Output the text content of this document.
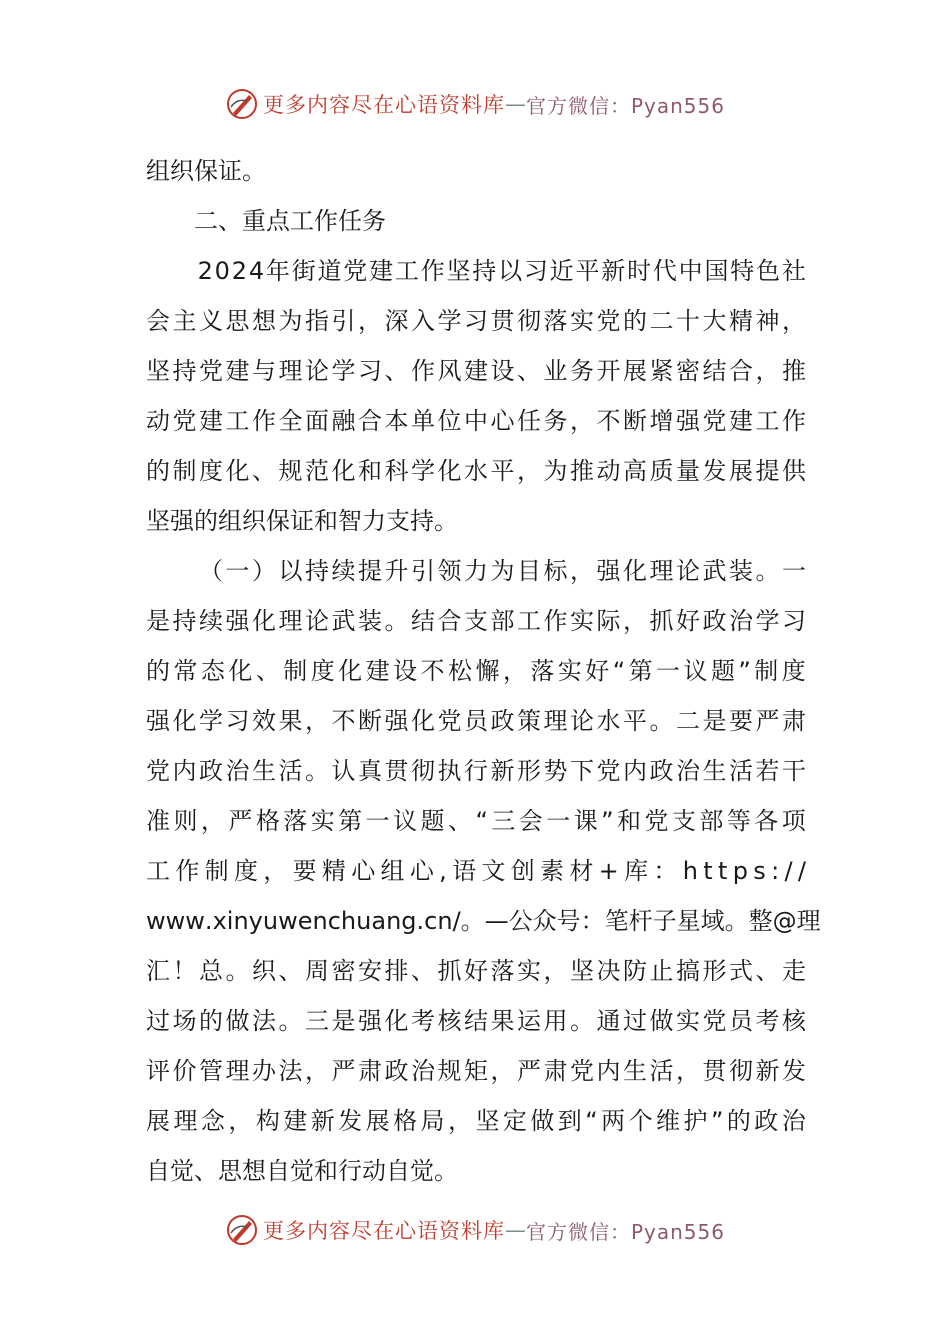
更多内容尽在心语资料库 — 官方微信：Pyan556
组织保证。
　　二、重点工作任务

2 0 2 4 年 街 道 党 建 工 作 坚 持 以 习 近 平 新 时 代 中 国 特 色 社
会 主 义 思 想 为 指 引 ， 深 入 学 习 贯 彻 落 实 党 的 二 十 大 精 神 ，
坚 持 党 建 与 理 论 学 习 、 作 风 建 设 、 业 务 开 展 紧 密 结 合 ， 推
动 党 建 工 作 全 面 融 合 本 单 位 中 心 任 务 ， 不 断 增 强 党 建 工 作
的 制 度 化 、 规 范 化 和 科 学 化 水 平 ， 为 推 动 高 质 量 发 展 提 供
坚强的组织保证和智力支持。

（ 一 ） 以 持 续 提 升 引 领 力 为 目 标 ， 强 化 理 论 武 装 。 一
是 持 续 强 化 理 论 武 装 。 结 合 支 部 工 作 实 际 ， 抓 好 政 治 学 习
的 常 态 化 、 制 度 化 建 设 不 松 懈 ， 落 实 好 “ 第 一 议 题 ” 制 度
强 化 学 习 效 果 ， 不 断 强 化 党 员 政 策 理 论 水 平 。 二 是 要 严 肃
党 内 政 治 生 活 。 认 真 贯 彻 执 行 新 形 势 下 党 内 政 治 生 活 若 干
准 则 ， 严 格 落 实 第 一 议 题 、 “ 三 会 一 课 ” 和 党 支 部 等 各 项
工 作 制 度 ， 要 精 心 组 心 , 语 文 创 素 材 + 库 ： h t t p s : / /
w w w . x i n y u w e n c h u a n g . c n / 。 — 公 众 号 ： 笔 杆 子 星 域 。 整 @ 理
汇 ！ 总 。 织 、 周 密 安 排 、 抓 好 落 实 ， 坚 决 防 止 搞 形 式 、 走
过 场 的 做 法 。 三 是 强 化 考 核 结 果 运 用 。 通 过 做 实 党 员 考 核
评 价 管 理 办 法 ， 严 肃 政 治 规 矩 ， 严 肃 党 内 生 活 ， 贯 彻 新 发
展 理 念 ， 构 建 新 发 展 格 局 ， 坚 定 做 到 “ 两 个 维 护 ” 的 政 治
自觉、思想自觉和行动自觉。
更多内容尽在心语资料库 — 官方微信：Pyan556
